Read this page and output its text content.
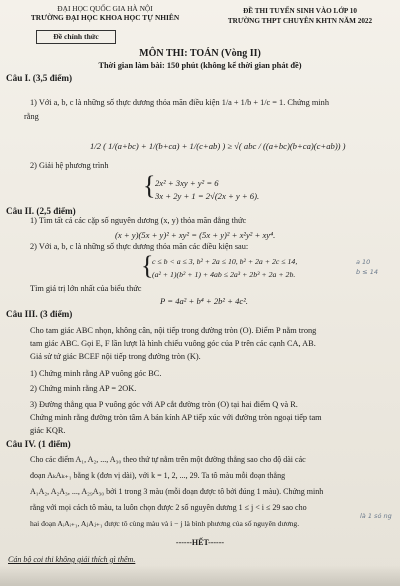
ĐẠI HỌC QUỐC GIA HÀ NỘI
TRƯỜNG ĐẠI HỌC KHOA HỌC TỰ NHIÊN
ĐỀ THI TUYỂN SINH VÀO LỚP 10
TRƯỜNG THPT CHUYÊN KHTN NĂM 2022
Đề chính thức
MÔN THI: TOÁN (Vòng II)
Thời gian làm bài: 150 phút (không kể thời gian phát đề)
Câu I. (3,5 điểm)
1) Với a, b, c là những số thực dương thỏa mãn điều kiện 1/a + 1/b + 1/c = 1. Chứng minh
rằng
1/2 ( 1/(a+bc) + 1/(b+ca) + 1/(c+ab) ) ≥ √( abc / ((a+bc)(b+ca)(c+ab)) )
2) Giải hệ phương trình
{ 2x² + 3xy + y² = 6
3x + 2y + 1 = 2√(2x + y + 6).
Câu II. (2,5 điểm)
1) Tìm tất cả các cặp số nguyên dương (x, y) thỏa mãn đẳng thức
(x + y)(5x + y)² + xy² = (5x + y)² + x²y² + xy⁴.
2) Với a, b, c là những số thực dương thỏa mãn các điều kiện sau:
{
c ≤ b < a ≤ 3, b² + 2a ≤ 10, b² + 2a + 2c ≤ 14,
(a² + 1)(b² + 1) + 4ab ≤ 2a³ + 2b³ + 2a + 2b.
a 10
b ≤ 14
Tìm giá trị lớn nhất của biểu thức
P = 4a² + b⁴ + 2b² + 4c².
Câu III. (3 điểm)
Cho tam giác ABC nhọn, không cân, nội tiếp trong đường tròn (O). Điểm P nằm trong
tam giác ABC. Gọi E, F lần lượt là hình chiếu vuông góc của P trên các cạnh CA, AB.
Giả sử tứ giác BCEF nội tiếp trong đường tròn (K).
1) Chứng minh rằng AP vuông góc BC.
2) Chứng minh rằng AP = 2OK.
3) Đường thẳng qua P vuông góc với AP cắt đường tròn (O) tại hai điểm Q và R.
Chứng minh rằng đường tròn tâm A bán kính AP tiếp xúc với đường tròn ngoại tiếp tam
giác KQR.
Câu IV. (1 điểm)
Cho các điểm A₁, A₂, ..., A₃₀ theo thứ tự nằm trên một đường thẳng sao cho độ dài các
đoạn AₖAₖ₊₁ bằng k (đơn vị dài), với k = 1, 2, ..., 29. Ta tô màu mỗi đoạn thẳng
A₁A₂, A₂A₃, ..., A₂₉A₃₀ bởi 1 trong 3 màu (mỗi đoạn được tô bởi đúng 1 màu). Chứng minh
rằng với mọi cách tô màu, ta luôn chọn được 2 số nguyên dương 1 ≤ j < i ≤ 29 sao cho
hai đoạn AᵢAᵢ₊₁, AⱼAⱼ₊₁ được tô cùng màu và i − j là bình phương của số nguyên dương.
là 1 só ng
------HẾT------
Cán bộ coi thi không giải thích gì thêm.
